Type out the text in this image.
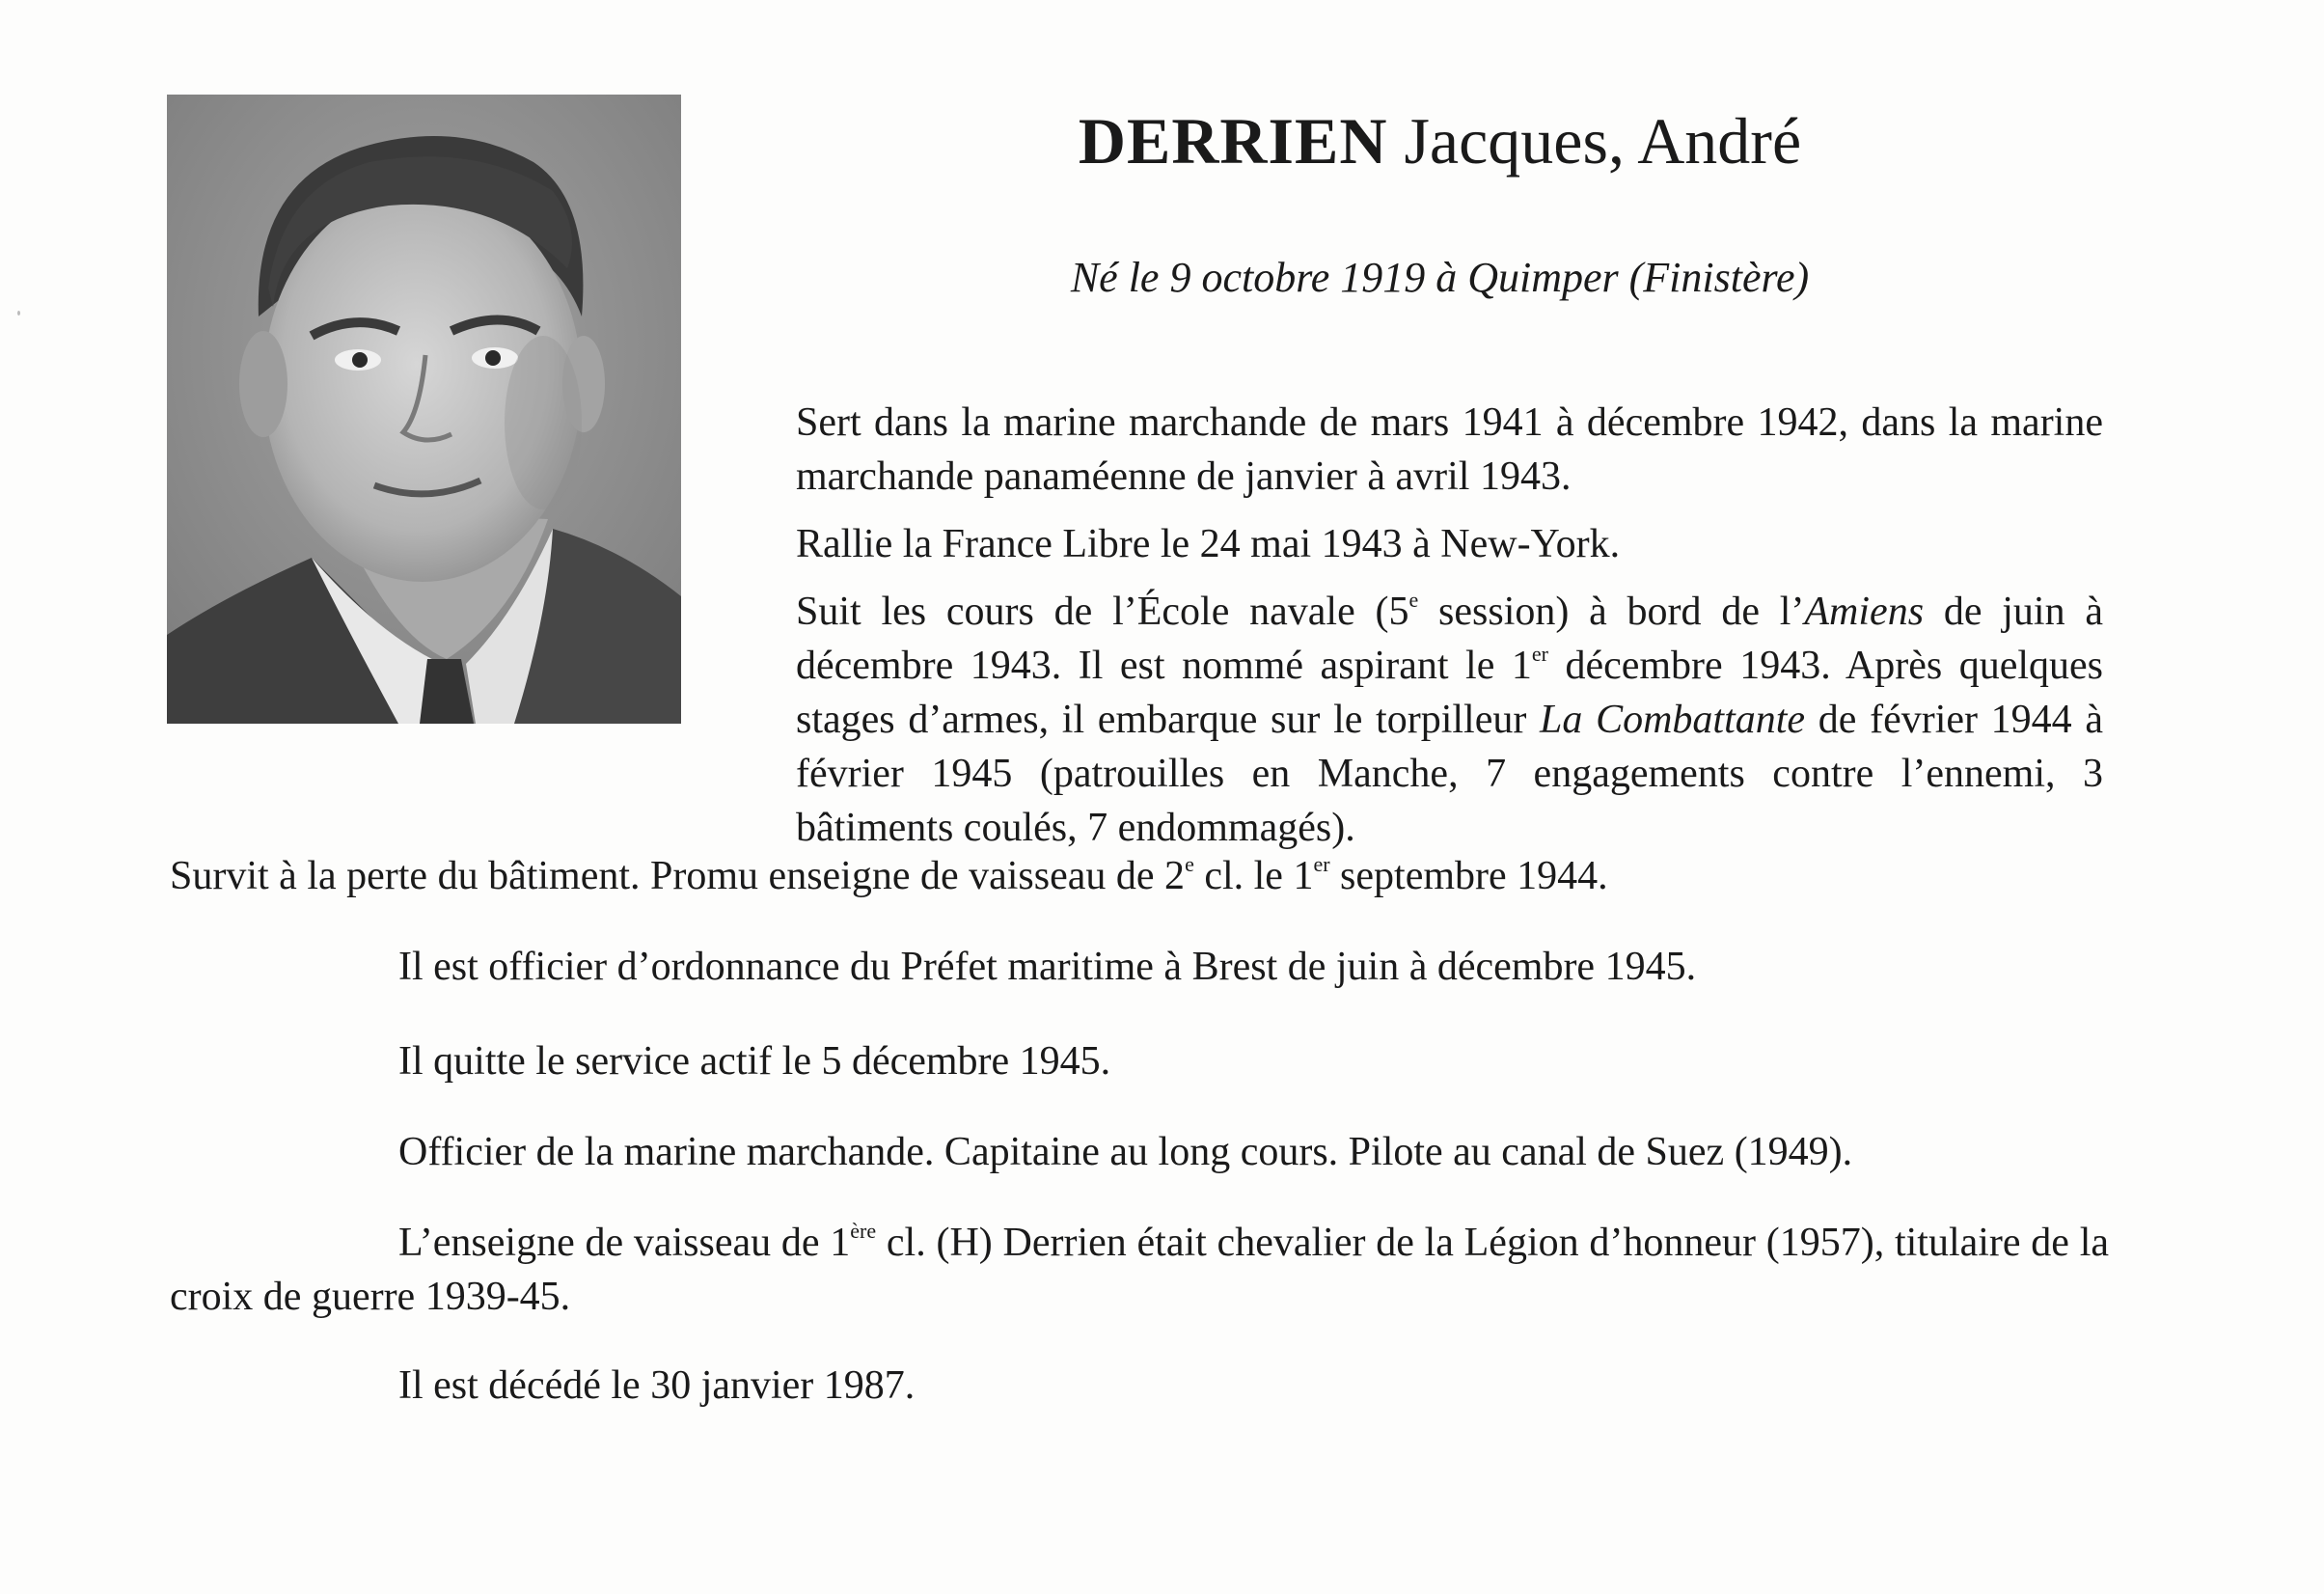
DERRIEN Jacques, André
Né le 9 octobre 1919 à Quimper (Finistère)

Sert dans la marine marchande de mars 1941 à décembre 1942, dans la marine marchande panaméenne de janvier à avril 1943.

Rallie la France Libre le 24 mai 1943 à New-York.

Suit les cours de l’École navale (5e session) à bord de l’Amiens de juin à décembre 1943. Il est nommé aspirant le 1er décembre 1943. Après quelques stages d’armes, il embarque sur le torpilleur La Combattante de février 1944 à février 1945 (patrouilles en Manche, 7 engagements contre l’ennemi, 3 bâtiments coulés, 7 endommagés).

Survit à la perte du bâtiment. Promu enseigne de vaisseau de 2e cl. le 1er septembre 1944.

Il est officier d’ordonnance du Préfet maritime à Brest de juin à décembre 1945.

Il quitte le service actif le 5 décembre 1945.

Officier de la marine marchande. Capitaine au long cours. Pilote au canal de Suez (1949).

L’enseigne de vaisseau de 1ère cl. (H) Derrien était chevalier de la Légion d’honneur (1957), titulaire de la croix de guerre 1939-45.

Il est décédé le 30 janvier 1987.
